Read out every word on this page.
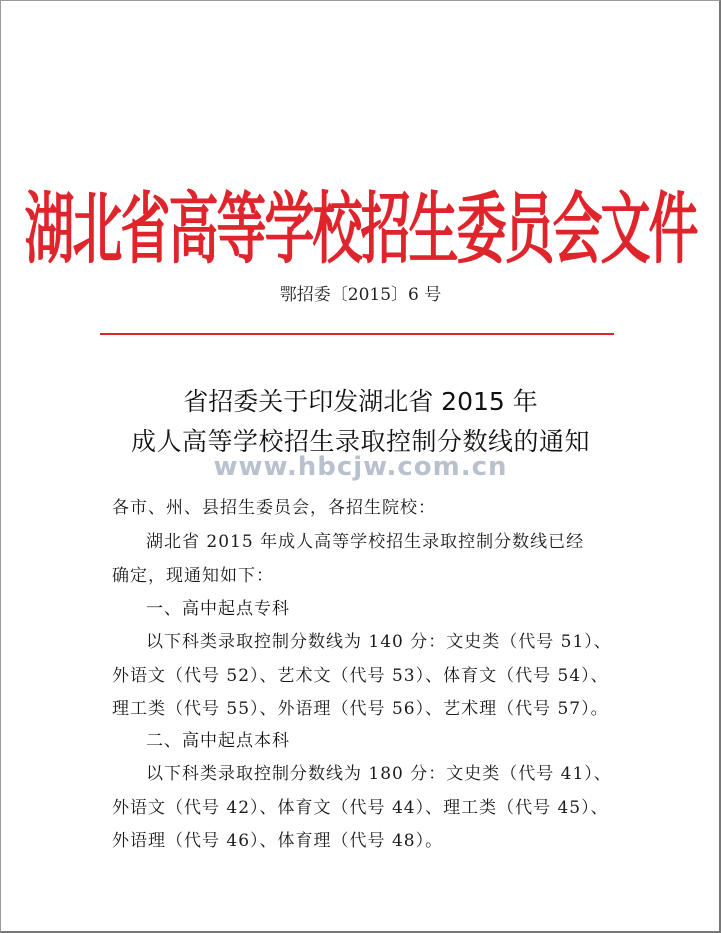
湖北省高等学校招生委员会文件
鄂招委〔2015〕6 号
省招委关于印发湖北省 2015 年
成人高等学校招生录取控制分数线的通知
www.hbcjw.com.cn
各市、州、县招生委员会，各招生院校：
湖北省 2015 年成人高等学校招生录取控制分数线已经
确定，现通知如下：
一、高中起点专科
以下科类录取控制分数线为 140 分：文史类（代号 51）、
外语文（代号 52）、艺术文（代号 53）、体育文（代号 54）、
理工类（代号 55）、外语理（代号 56）、艺术理（代号 57）。
二、高中起点本科
以下科类录取控制分数线为 180 分：文史类（代号 41）、
外语文（代号 42）、体育文（代号 44）、理工类（代号 45）、
外语理（代号 46）、体育理（代号 48）。
